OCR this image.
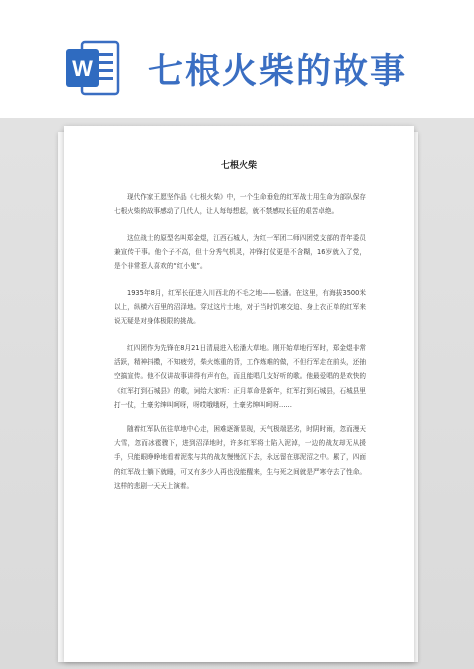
W 七根火柴的故事
七根火柴

现代作家王愿坚作品《七根火柴》中，一个生命垂危的红军战士用生命为部队保存七根火柴的故事感动了几代人，让人每每想起，就不禁感叹长征的艰苦卓绝。

这位战士的原型名叫郑金煜，江西石城人，为红一军团二师四团党支部的青年委员兼宣传干事。他个子不高，但十分秀气机灵，冲锋打仗更是不含糊，16岁就入了党，是个非常惹人喜欢的“红小鬼”。

1935年8月，红军长征进入川西北的不毛之地——松潘。在这里，有海拔3500米以上，纵横六百里的沼泽地。穿过这片土地，对于当时饥寒交迫、身上衣正单的红军来说无疑是对身体极限的挑战。

红四团作为先锋在8月21日清晨进入松潘大草地。刚开始草地行军时，郑金煜非常活跃，精神抖擞，不知疲劳，柴火炼重的背，工作炼难的做，不但行军走在前头，还抽空搞宣传。他不仅讲故事讲得有声有色，而且能唱几支好听的歌。他最爱唱的是欢快的《红军打到石城县》的歌，词给大家听：正月革命是新年，红军打到石城县，石城县里打一仗，土豪劣绅叫呵呀，呀哎哦哦呀，土豪劣绅叫呵呀……

随着红军队伍往草地中心走，困难逐渐显现，天气极端恶劣，时阴时雨，忽而漫天大雪，忽而冰雹骤下，进到沼泽地时，许多红军将士陷入泥淖，一边的战友却无从援手，只能眼睁睁地看着泥浆与共的战友慢慢沉下去，永远留在那泥沼之中。累了，四面的红军战士躺下就睡，可又有多少人再也没能醒来，生与死之间就是严寒夺去了性命。这样的悲剧一天天上演着。
